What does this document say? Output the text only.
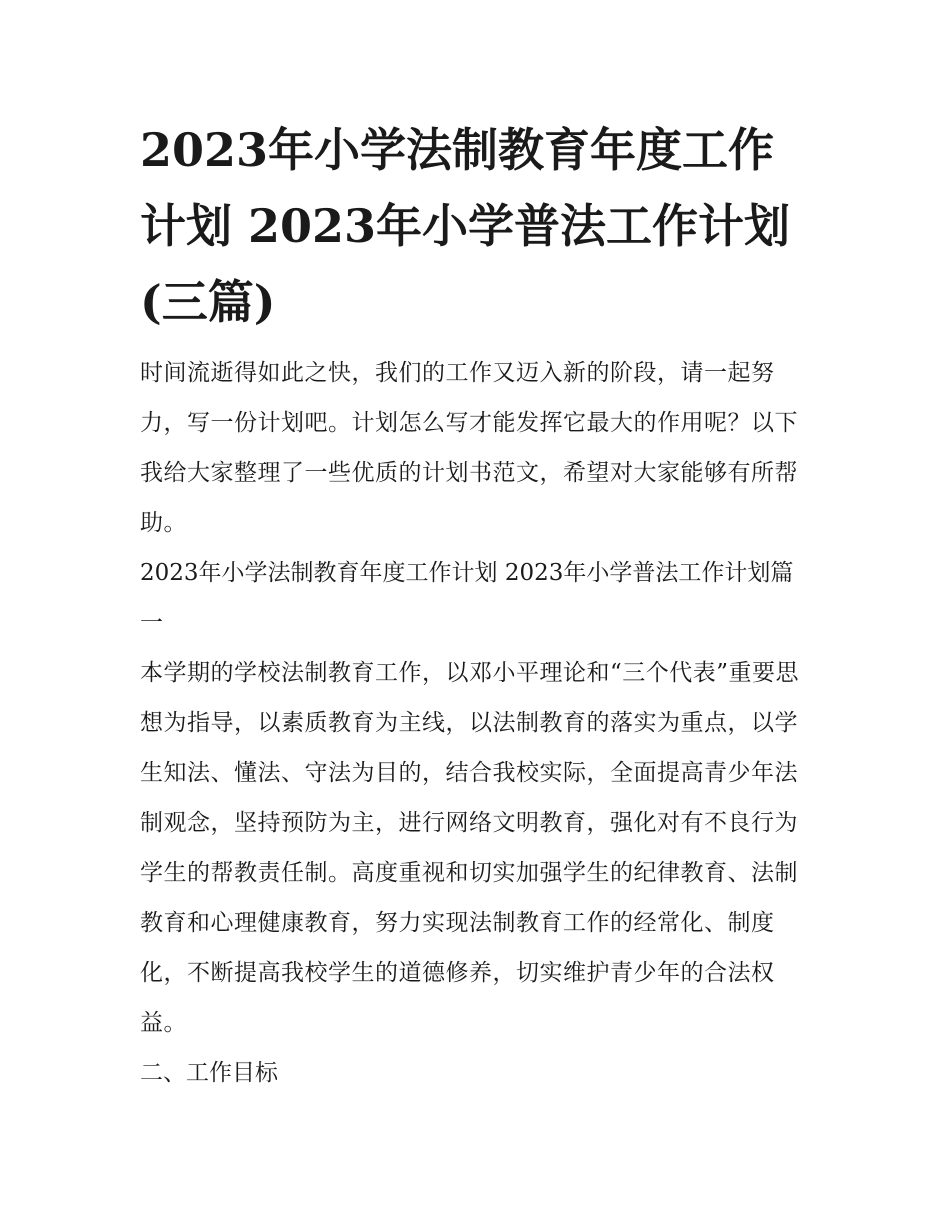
2023年小学法制教育年度工作计划 2023年小学普法工作计划(三篇)

时间流逝得如此之快，我们的工作又迈入新的阶段，请一起努力，写一份计划吧。计划怎么写才能发挥它最大的作用呢？以下我给大家整理了一些优质的计划书范文，希望对大家能够有所帮助。

2023年小学法制教育年度工作计划 2023年小学普法工作计划篇一

本学期的学校法制教育工作，以邓小平理论和“三个代表”重要思想为指导，以素质教育为主线，以法制教育的落实为重点，以学生知法、懂法、守法为目的，结合我校实际，全面提高青少年法制观念，坚持预防为主，进行网络文明教育，强化对有不良行为学生的帮教责任制。高度重视和切实加强学生的纪律教育、法制教育和心理健康教育，努力实现法制教育工作的经常化、制度化，不断提高我校学生的道德修养，切实维护青少年的合法权益。

二、工作目标
